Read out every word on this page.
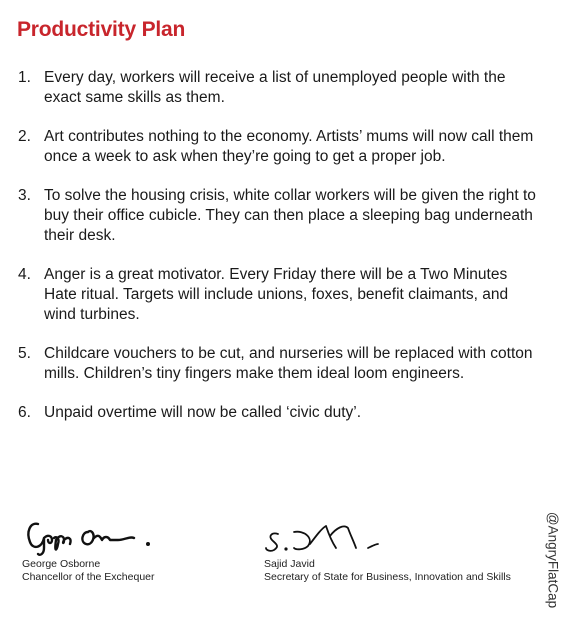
Productivity Plan
1. Every day, workers will receive a list of unemployed people with the exact same skills as them.
2. Art contributes nothing to the economy. Artists’ mums will now call them once a week to ask when they’re going to get a proper job.
3. To solve the housing crisis, white collar workers will be given the right to buy their office cubicle. They can then place a sleeping bag underneath their desk.
4. Anger is a great motivator. Every Friday there will be a Two Minutes Hate ritual. Targets will include unions, foxes, benefit claimants, and wind turbines.
5. Childcare vouchers to be cut, and nurseries will be replaced with cotton mills. Children’s tiny fingers make them ideal loom engineers.
6. Unpaid overtime will now be called ‘civic duty’.
George Osborne
Chancellor of the Exchequer
Sajid Javid
Secretary of State for Business, Innovation and Skills	@AngryFlatCap
